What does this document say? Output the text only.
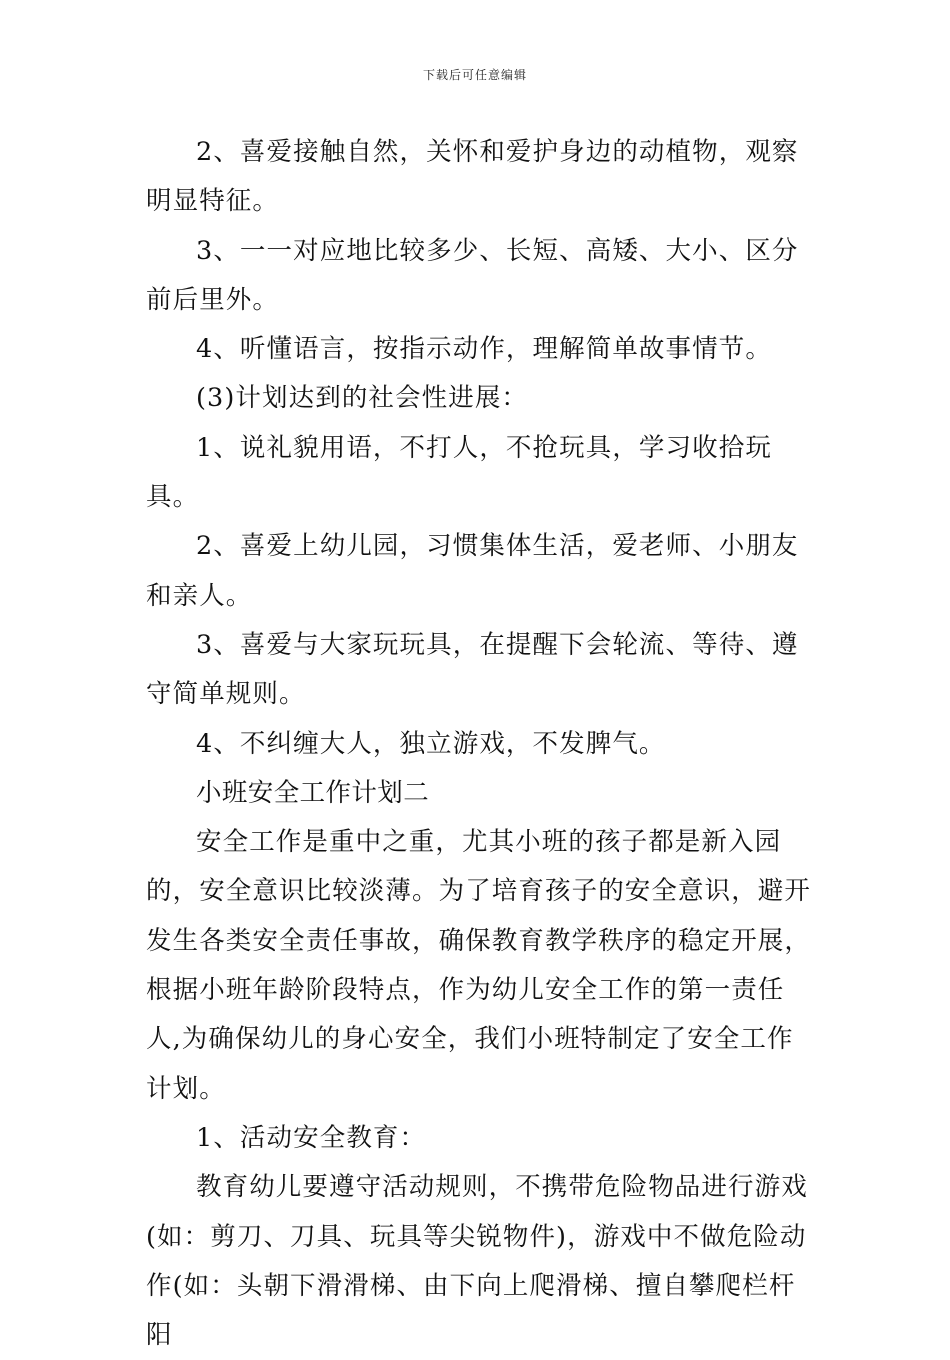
下载后可任意编辑

2、喜爱接触自然，关怀和爱护身边的动植物，观察明显特征。

3、一一对应地比较多少、长短、高矮、大小、区分前后里外。

4、听懂语言，按指示动作，理解简单故事情节。

(3)计划达到的社会性进展：

1、说礼貌用语，不打人，不抢玩具，学习收拾玩具。

2、喜爱上幼儿园，习惯集体生活，爱老师、小朋友和亲人。

3、喜爱与大家玩玩具，在提醒下会轮流、等待、遵守简单规则。

4、不纠缠大人，独立游戏，不发脾气。

小班安全工作计划二

安全工作是重中之重，尤其小班的孩子都是新入园的，安全意识比较淡薄。为了培育孩子的安全意识，避开发生各类安全责任事故，确保教育教学秩序的稳定开展，根据小班年龄阶段特点，作为幼儿安全工作的第一责任人,为确保幼儿的身心安全，我们小班特制定了安全工作计划。

1、活动安全教育：

教育幼儿要遵守活动规则，不携带危险物品进行游戏(如：剪刀、刀具、玩具等尖锐物件)，游戏中不做危险动作(如：头朝下滑滑梯、由下向上爬滑梯、擅自攀爬栏杆阳
